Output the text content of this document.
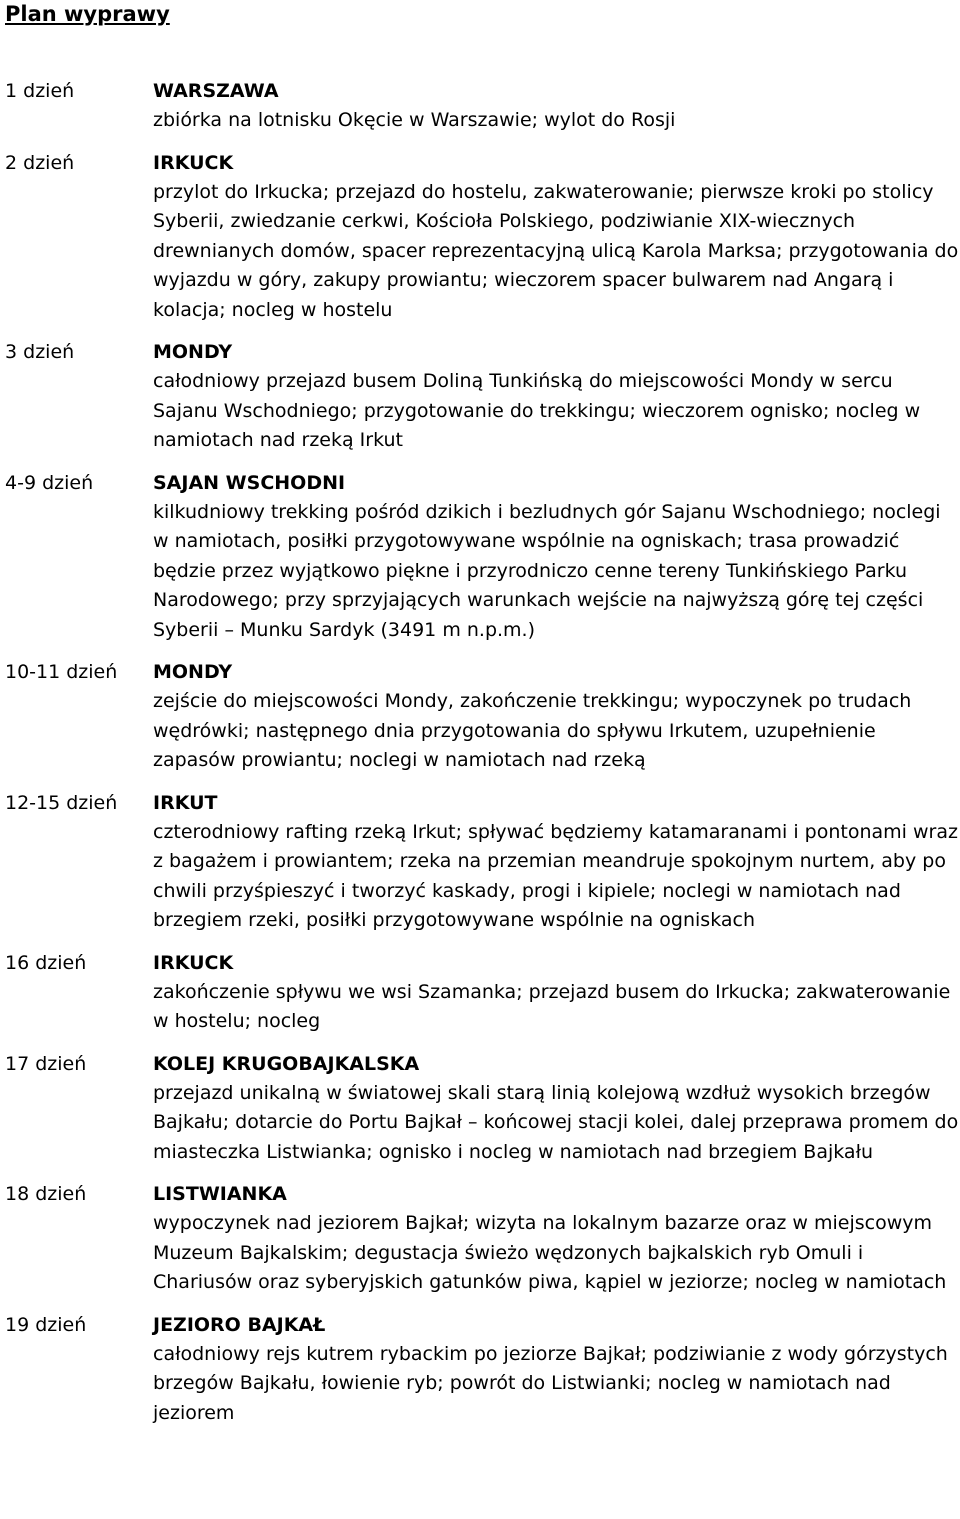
Plan wyprawy
1 dzień	WARSZAWA

zbiórka na lotnisku Okęcie w Warszawie; wylot do Rosji

2 dzień	IRKUCK

przylot do Irkucka; przejazd do hostelu, zakwaterowanie; pierwsze kroki po stolicy Syberii, zwiedzanie cerkwi, Kościoła Polskiego, podziwianie XIX-wiecznych drewnianych domów, spacer reprezentacyjną ulicą Karola Marksa; przygotowania do wyjazdu w góry, zakupy prowiantu; wieczorem spacer bulwarem nad Angarą i kolacja; nocleg w hostelu

3 dzień	MONDY

całodniowy przejazd busem Doliną Tunkińską do miejscowości Mondy w sercu Sajanu Wschodniego; przygotowanie do trekkingu; wieczorem ognisko; nocleg w namiotach nad rzeką Irkut

4-9 dzień	SAJAN WSCHODNI

kilkudniowy trekking pośród dzikich i bezludnych gór Sajanu Wschodniego; noclegi w namiotach, posiłki przygotowywane wspólnie na ogniskach; trasa prowadzić będzie przez wyjątkowo piękne i przyrodniczo cenne tereny Tunkińskiego Parku Narodowego; przy sprzyjających warunkach wejście na najwyższą górę tej części Syberii – Munku Sardyk (3491 m n.p.m.)

10-11 dzień MONDY

zejście do miejscowości Mondy, zakończenie trekkingu; wypoczynek po trudach wędrówki; następnego dnia przygotowania do spływu Irkutem, uzupełnienie zapasów prowiantu; noclegi w namiotach nad rzeką

12-15 dzień IRKUT

czterodniowy rafting rzeką Irkut; spływać będziemy katamaranami i pontonami wraz z bagażem i prowiantem; rzeka na przemian meandruje spokojnym nurtem, aby po chwili przyśpieszyć i tworzyć kaskady, progi i kipiele; noclegi w namiotach nad brzegiem rzeki, posiłki przygotowywane wspólnie na ogniskach

16 dzień	IRKUCK

zakończenie spływu we wsi Szamanka; przejazd busem do Irkucka; zakwaterowanie w hostelu; nocleg

17 dzień	KOLEJ KRUGOBAJKALSKA

przejazd unikalną w światowej skali starą linią kolejową wzdłuż wysokich brzegów Bajkału; dotarcie do Portu Bajkał – końcowej stacji kolei, dalej przeprawa promem do miasteczka Listwianka; ognisko i nocleg w namiotach nad brzegiem Bajkału

18 dzień	LISTWIANKA

wypoczynek nad jeziorem Bajkał; wizyta na lokalnym bazarze oraz w miejscowym Muzeum Bajkalskim; degustacja świeżo wędzonych bajkalskich ryb Omuli i Chariusów oraz syberyjskich gatunków piwa, kąpiel w jeziorze; nocleg w namiotach

19 dzień	JEZIORO BAJKAŁ

całodniowy rejs kutrem rybackim po jeziorze Bajkał; podziwianie z wody górzystych brzegów Bajkału, łowienie ryb; powrót do Listwianki; nocleg w namiotach nad jeziorem
